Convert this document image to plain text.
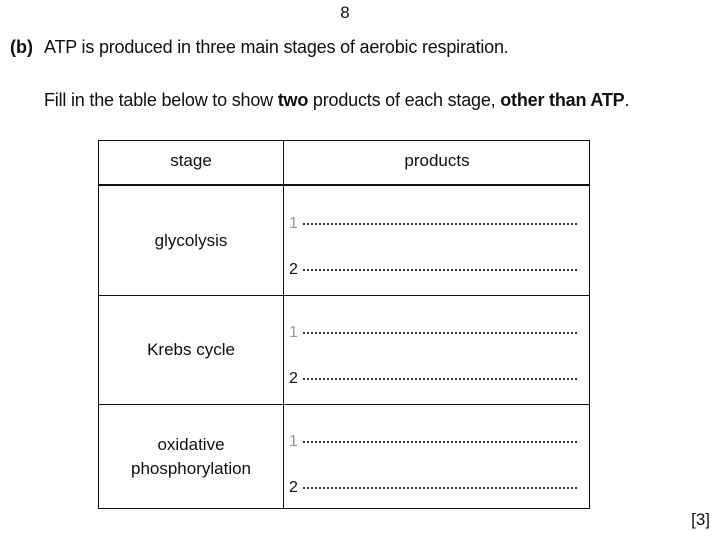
8
(b) ATP is produced in three main stages of aerobic respiration.
Fill in the table below to show two products of each stage, other than ATP.
stage	products
glycolysis
1
2
Krebs cycle
1
2
oxidative
phosphorylation
1
2
[3]
